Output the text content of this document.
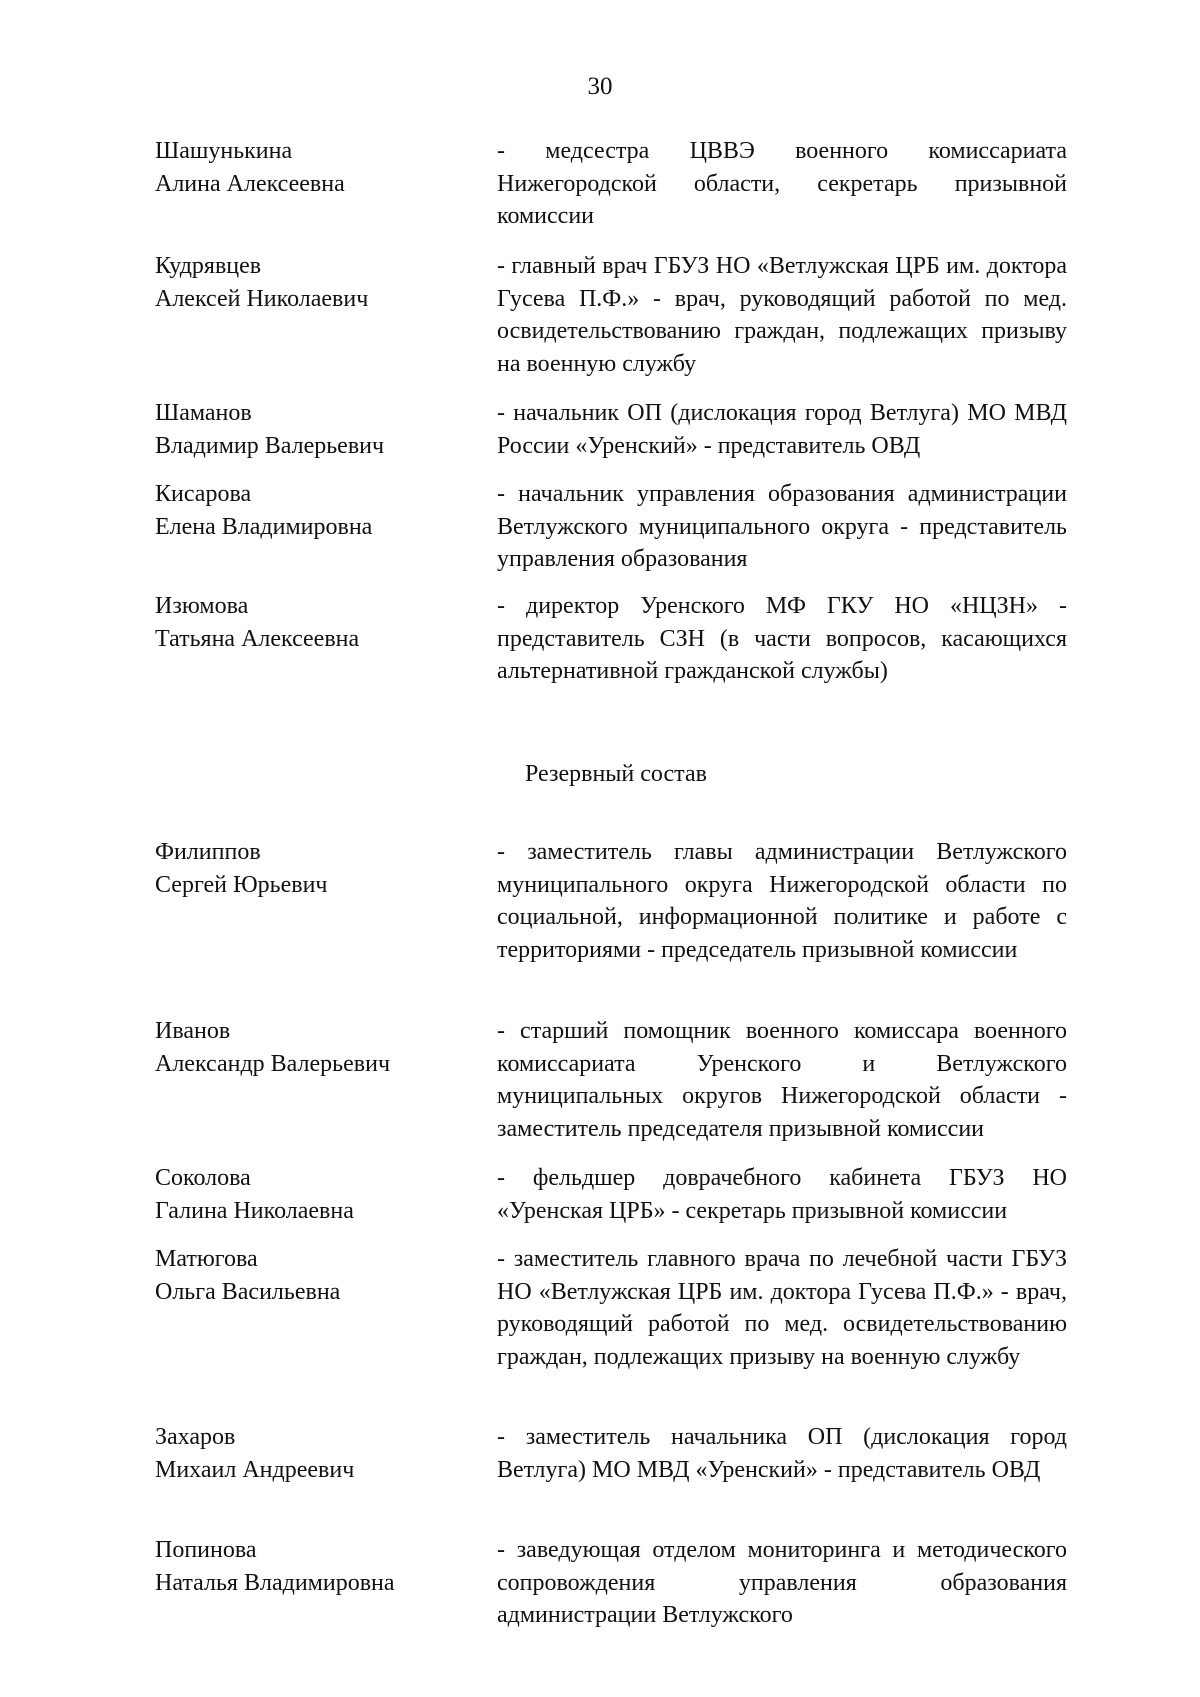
30
Шашунькина
Алина Алексеевна
- медсестра ЦВВЭ военного комиссариата Нижегородской области, секретарь призывной комиссии
Кудрявцев
Алексей Николаевич
- главный врач ГБУЗ НО «Ветлужская ЦРБ им. доктора Гусева П.Ф.» - врач, руководящий работой по мед. освидетельствованию граждан, подлежащих призыву на военную службу
Шаманов
Владимир Валерьевич
- начальник ОП (дислокация город Ветлуга) МО МВД России «Уренский» - представитель ОВД
Кисарова
Елена Владимировна
- начальник управления образования администрации Ветлужского муниципального округа - представитель управления образования
Изюмова
Татьяна Алексеевна
- директор Уренского МФ ГКУ НО «НЦЗН» - представитель СЗН (в части вопросов, касающихся альтернативной гражданской службы)
Резервный состав
Филиппов
Сергей Юрьевич
- заместитель главы администрации Ветлужского муниципального округа Нижегородской области по социальной, информационной политике и работе с территориями - председатель призывной комиссии
Иванов
Александр Валерьевич
- старший помощник военного комиссара военного комиссариата Уренского и Ветлужского муниципальных округов Нижегородской области - заместитель председателя призывной комиссии
Соколова
Галина Николаевна
- фельдшер доврачебного кабинета ГБУЗ НО «Уренская ЦРБ» - секретарь призывной комиссии
Матюгова
Ольга Васильевна
- заместитель главного врача по лечебной части ГБУЗ НО «Ветлужская ЦРБ им. доктора Гусева П.Ф.» - врач, руководящий работой по мед. освидетельствованию граждан, подлежащих призыву на военную службу
Захаров
Михаил Андреевич
- заместитель начальника ОП (дислокация город Ветлуга) МО МВД «Уренский» - представитель ОВД
Попинова
Наталья Владимировна
- заведующая отделом мониторинга и методического сопровождения управления образования администрации Ветлужского
